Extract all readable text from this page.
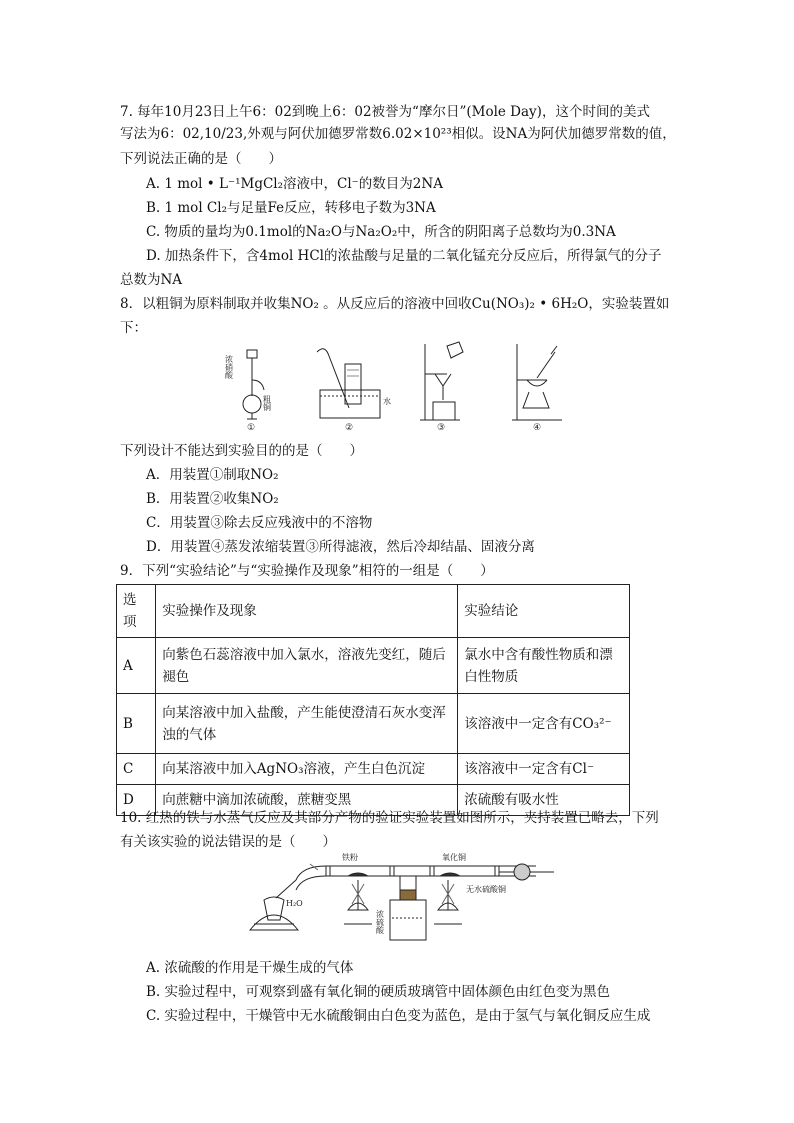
7. 每年10月23日上午6：02到晚上6：02被誉为“摩尔日”(Mole Day)，这个时间的美式
写法为6：02,10/23,外观与阿伏加德罗常数6.02×10²³相似。设NA为阿伏加德罗常数的值，
下列说法正确的是（　　）
A. 1 mol • L⁻¹MgCl₂溶液中，Cl⁻的数目为2NA
B. 1 mol Cl₂与足量Fe反应，转移电子数为3NA
C. 物质的量均为0.1mol的Na₂O与Na₂O₂中，所含的阴阳离子总数均为0.3NA
D. 加热条件下，含4mol HCl的浓盐酸与足量的二氧化锰充分反应后，所得氯气的分子
总数为NA
8．以粗铜为原料制取并收集NO₂ 。从反应后的溶液中回收Cu(NO₃)₂ • 6H₂O，实验装置如
下：
浓硝酸
粗铜
①
水
②	③	④
下列设计不能达到实验目的的是（　　）
A．用装置①制取NO₂
B．用装置②收集NO₂
C．用装置③除去反应残液中的不溶物
D．用装置④蒸发浓缩装置③所得滤液，然后冷却结晶、固液分离
9．下列“实验结论”与“实验操作及现象”相符的一组是（　　）
选项	实验操作及现象	实验结论
A	向紫色石蕊溶液中加入氯水，溶液先变红，随后褪色	氯水中含有酸性物质和漂白性物质
B	向某溶液中加入盐酸，产生能使澄清石灰水变浑浊的气体	该溶液中一定含有CO₃²⁻
C	向某溶液中加入AgNO₃溶液，产生白色沉淀	该溶液中一定含有Cl⁻
D	向蔗糖中滴加浓硫酸，蔗糖变黑	浓硫酸有吸水性
10. 红热的铁与水蒸气反应及其部分产物的验证实验装置如图所示，夹持装置已略去，下列
有关该实验的说法错误的是（　　）
铁粉	氧化铜
H₂O
浓硫酸
无水硫酸铜
A. 浓硫酸的作用是干燥生成的气体
B. 实验过程中，可观察到盛有氧化铜的硬质玻璃管中固体颜色由红色变为黑色
C. 实验过程中，干燥管中无水硫酸铜由白色变为蓝色，是由于氢气与氧化铜反应生成
